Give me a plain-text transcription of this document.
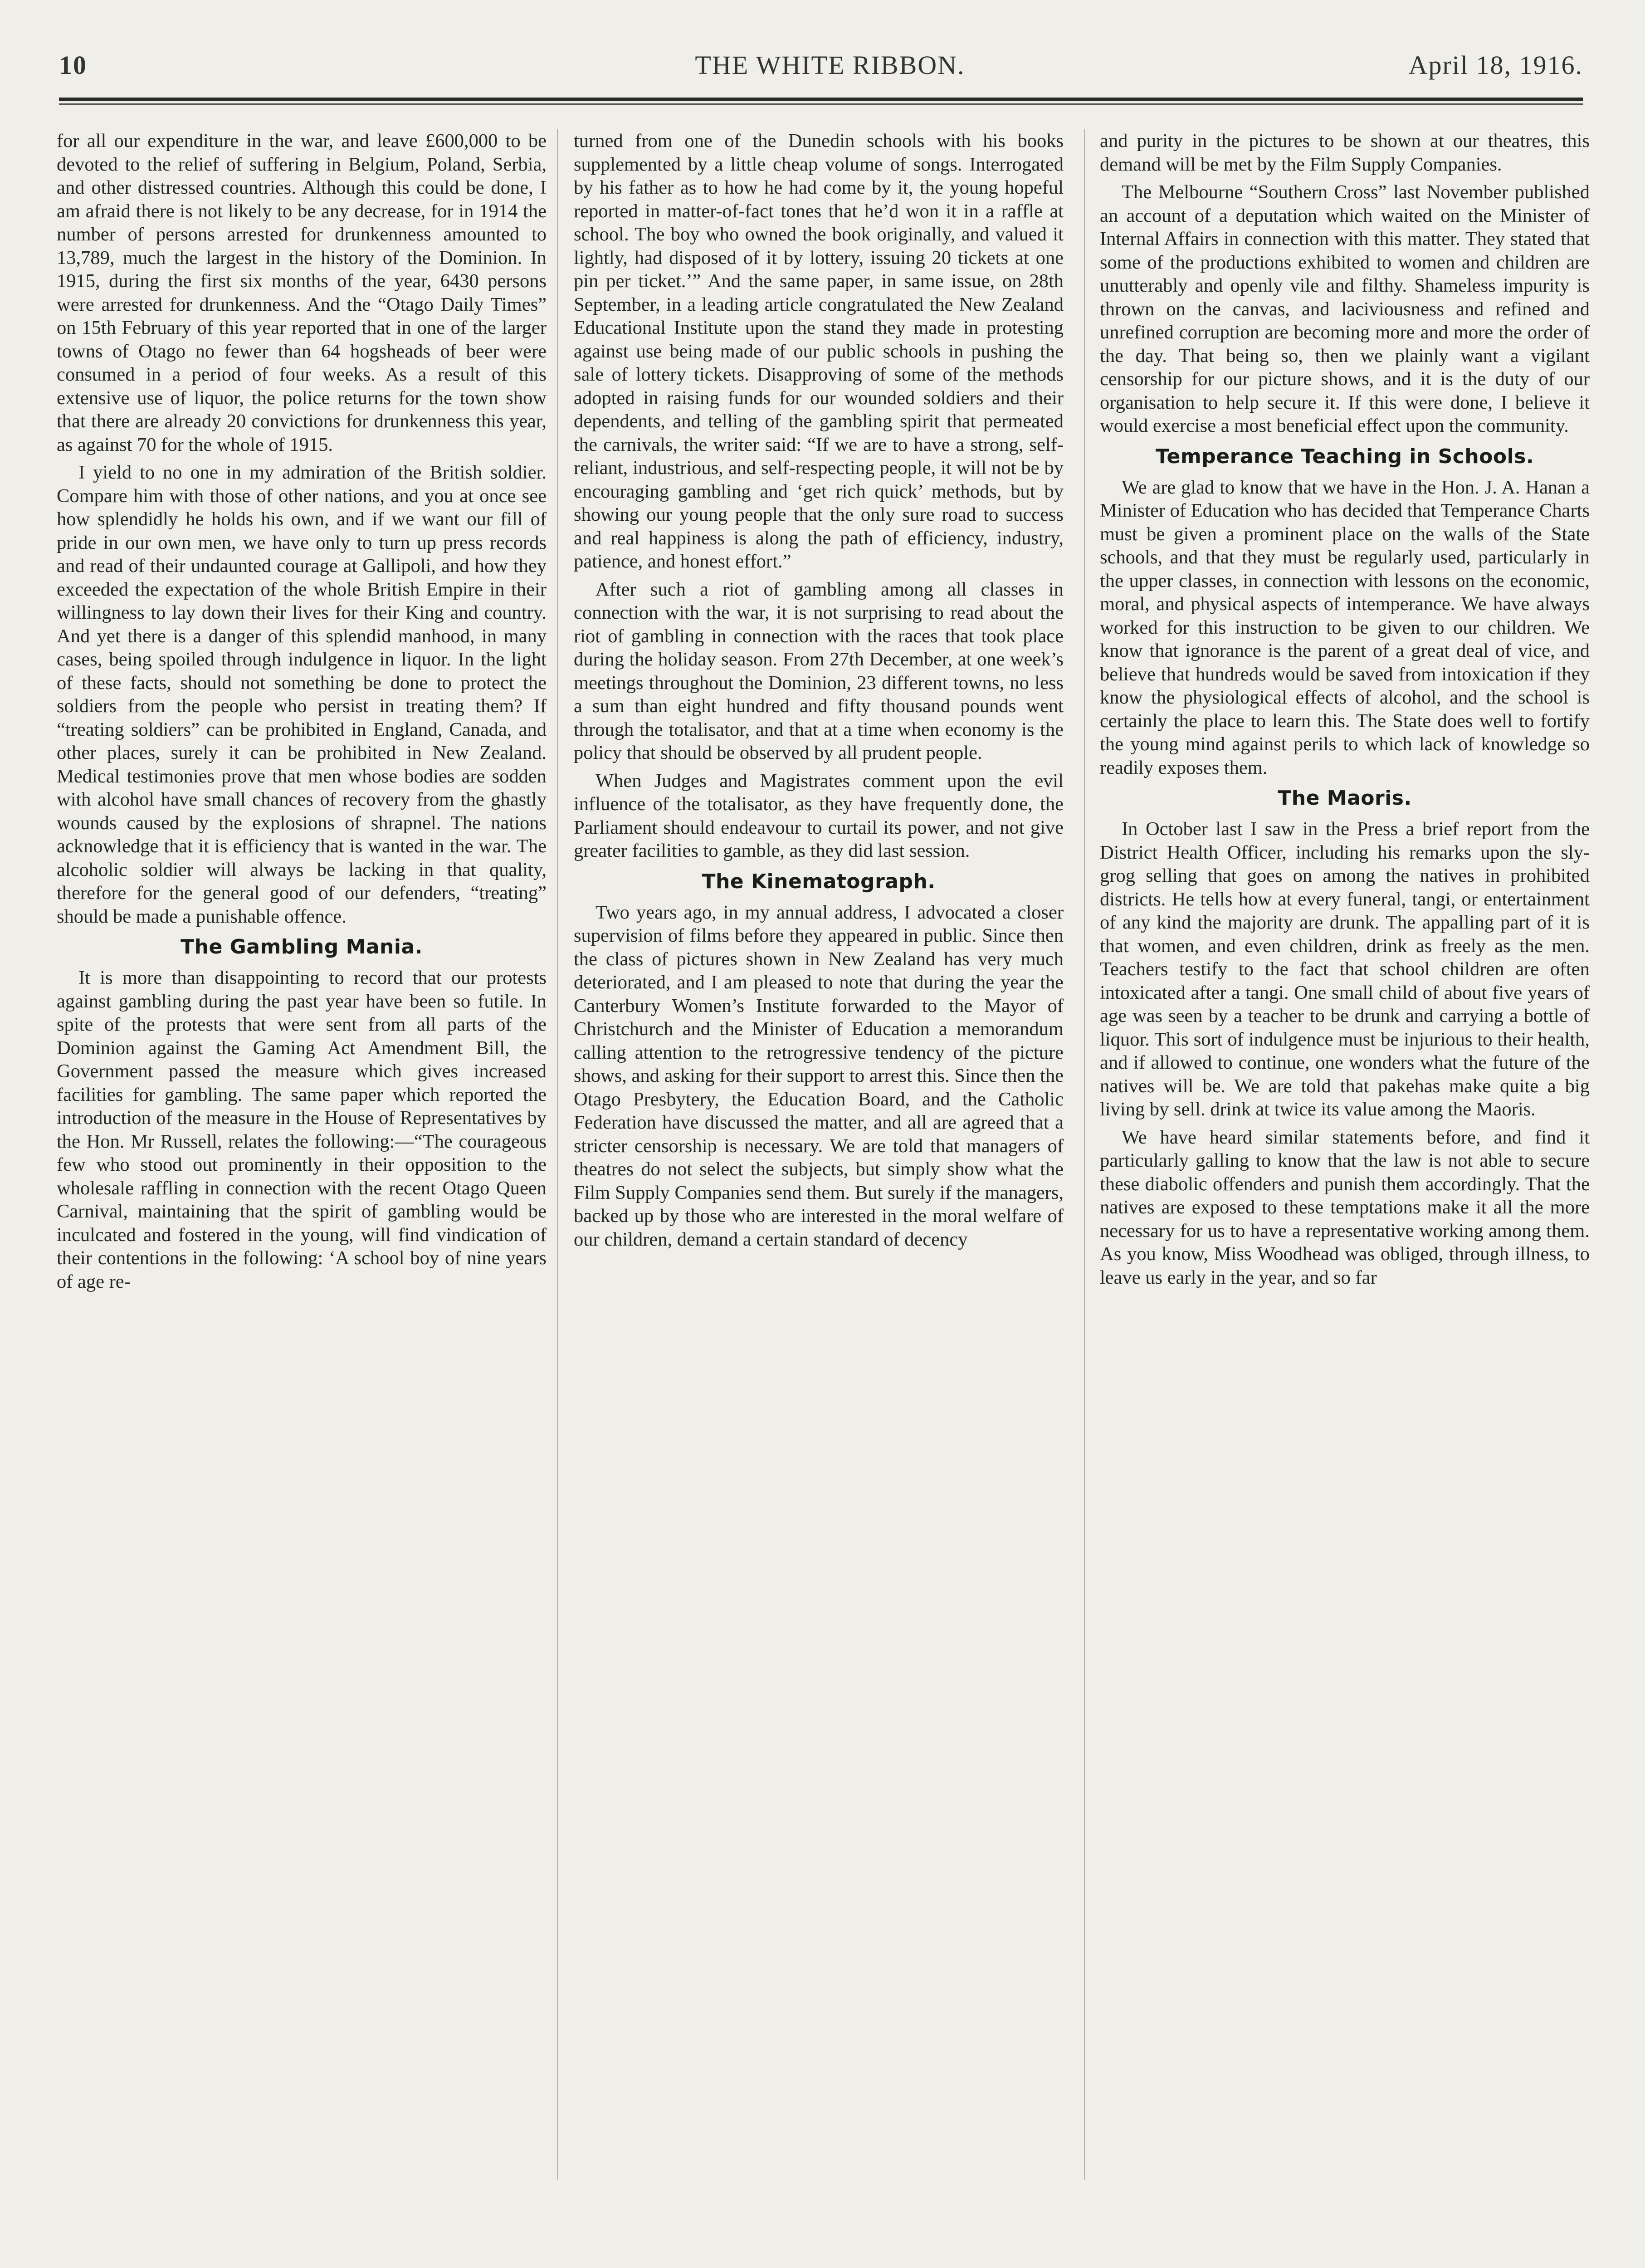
10	THE WHITE RIBBON.	April 18, 1916.

for all our expenditure in the war, and leave £600,000 to be devoted to the relief of suffering in Belgium, Poland, Serbia, and other distressed countries. Although this could be done, I am afraid there is not likely to be any decrease, for in 1914 the number of persons arrested for drunkenness amounted to 13,789, much the largest in the history of the Dominion. In 1915, during the first six months of the year, 6430 persons were arrested for drunkenness. And the “Otago Daily Times” on 15th February of this year reported that in one of the larger towns of Otago no fewer than 64 hogsheads of beer were consumed in a period of four weeks. As a result of this extensive use of liquor, the police returns for the town show that there are already 20 convictions for drunkenness this year, as against 70 for the whole of 1915.

I yield to no one in my admiration of the British soldier. Compare him with those of other nations, and you at once see how splendidly he holds his own, and if we want our fill of pride in our own men, we have only to turn up press records and read of their undaunted courage at Gallipoli, and how they exceeded the expectation of the whole British Empire in their willingness to lay down their lives for their King and country. And yet there is a danger of this splendid manhood, in many cases, being spoiled through indulgence in liquor. In the light of these facts, should not something be done to protect the soldiers from the people who persist in treating them? If “treating soldiers” can be prohibited in England, Canada, and other places, surely it can be prohibited in New Zealand. Medical testimonies prove that men whose bodies are sodden with alcohol have small chances of recovery from the ghastly wounds caused by the explosions of shrapnel. The nations acknowledge that it is efficiency that is wanted in the war. The alcoholic soldier will always be lacking in that quality, therefore for the general good of our defenders, “treating” should be made a punishable offence.

The Gambling Mania.

It is more than disappointing to record that our protests against gambling during the past year have been so futile. In spite of the protests that were sent from all parts of the Dominion against the Gaming Act Amendment Bill, the Government passed the measure which gives increased facilities for gambling. The same paper which reported the introduction of the measure in the House of Representatives by the Hon. Mr Russell, relates the following:—“The courageous few who stood out prominently in their opposition to the wholesale raffling in connection with the recent Otago Queen Carnival, maintaining that the spirit of gambling would be inculcated and fostered in the young, will find vindication of their contentions in the following: ‘A school boy of nine years of age re-

turned from one of the Dunedin schools with his books supplemented by a little cheap volume of songs. Interrogated by his father as to how he had come by it, the young hopeful reported in matter-of-fact tones that he’d won it in a raffle at school. The boy who owned the book originally, and valued it lightly, had disposed of it by lottery, issuing 20 tickets at one pin per ticket.’” And the same paper, in same issue, on 28th September, in a leading article congratulated the New Zealand Educational Institute upon the stand they made in protesting against use being made of our public schools in pushing the sale of lottery tickets. Disapproving of some of the methods adopted in raising funds for our wounded soldiers and their dependents, and telling of the gambling spirit that permeated the carnivals, the writer said: “If we are to have a strong, self-reliant, industrious, and self-respecting people, it will not be by encouraging gambling and ‘get rich quick’ methods, but by showing our young people that the only sure road to success and real happiness is along the path of efficiency, industry, patience, and honest effort.”

After such a riot of gambling among all classes in connection with the war, it is not surprising to read about the riot of gambling in connection with the races that took place during the holiday season. From 27th December, at one week’s meetings throughout the Dominion, 23 different towns, no less a sum than eight hundred and fifty thousand pounds went through the totalisator, and that at a time when economy is the policy that should be observed by all prudent people.

When Judges and Magistrates comment upon the evil influence of the totalisator, as they have frequently done, the Parliament should endeavour to curtail its power, and not give greater facilities to gamble, as they did last session.

The Kinematograph.

Two years ago, in my annual address, I advocated a closer supervision of films before they appeared in public. Since then the class of pictures shown in New Zealand has very much deteriorated, and I am pleased to note that during the year the Canterbury Women’s Institute forwarded to the Mayor of Christchurch and the Minister of Education a memorandum calling attention to the retrogressive tendency of the picture shows, and asking for their support to arrest this. Since then the Otago Presbytery, the Education Board, and the Catholic Federation have discussed the matter, and all are agreed that a stricter censorship is necessary. We are told that managers of theatres do not select the subjects, but simply show what the Film Supply Companies send them. But surely if the managers, backed up by those who are interested in the moral welfare of our children, demand a certain standard of decency

and purity in the pictures to be shown at our theatres, this demand will be met by the Film Supply Companies.

The Melbourne “Southern Cross” last November published an account of a deputation which waited on the Minister of Internal Affairs in connection with this matter. They stated that some of the productions exhibited to women and children are unutterably and openly vile and filthy. Shameless impurity is thrown on the canvas, and laciviousness and refined and unrefined corruption are becoming more and more the order of the day. That being so, then we plainly want a vigilant censorship for our picture shows, and it is the duty of our organisation to help secure it. If this were done, I believe it would exercise a most beneficial effect upon the community.

Temperance Teaching in Schools.

We are glad to know that we have in the Hon. J. A. Hanan a Minister of Education who has decided that Temperance Charts must be given a prominent place on the walls of the State schools, and that they must be regularly used, particularly in the upper classes, in connection with lessons on the economic, moral, and physical aspects of intemperance. We have always worked for this instruction to be given to our children. We know that ignorance is the parent of a great deal of vice, and believe that hundreds would be saved from intoxication if they know the physiological effects of alcohol, and the school is certainly the place to learn this. The State does well to fortify the young mind against perils to which lack of knowledge so readily exposes them.

The Maoris.

In October last I saw in the Press a brief report from the District Health Officer, including his remarks upon the sly-grog selling that goes on among the natives in prohibited districts. He tells how at every funeral, tangi, or entertainment of any kind the majority are drunk. The appalling part of it is that women, and even children, drink as freely as the men. Teachers testify to the fact that school children are often intoxicated after a tangi. One small child of about five years of age was seen by a teacher to be drunk and carrying a bottle of liquor. This sort of indulgence must be injurious to their health, and if allowed to continue, one wonders what the future of the natives will be. We are told that pakehas make quite a big living by sell. drink at twice its value among the Maoris.

We have heard similar statements before, and find it particularly galling to know that the law is not able to secure these diabolic offenders and punish them accordingly. That the natives are exposed to these temptations make it all the more necessary for us to have a representative working among them. As you know, Miss Woodhead was obliged, through illness, to leave us early in the year, and so far
